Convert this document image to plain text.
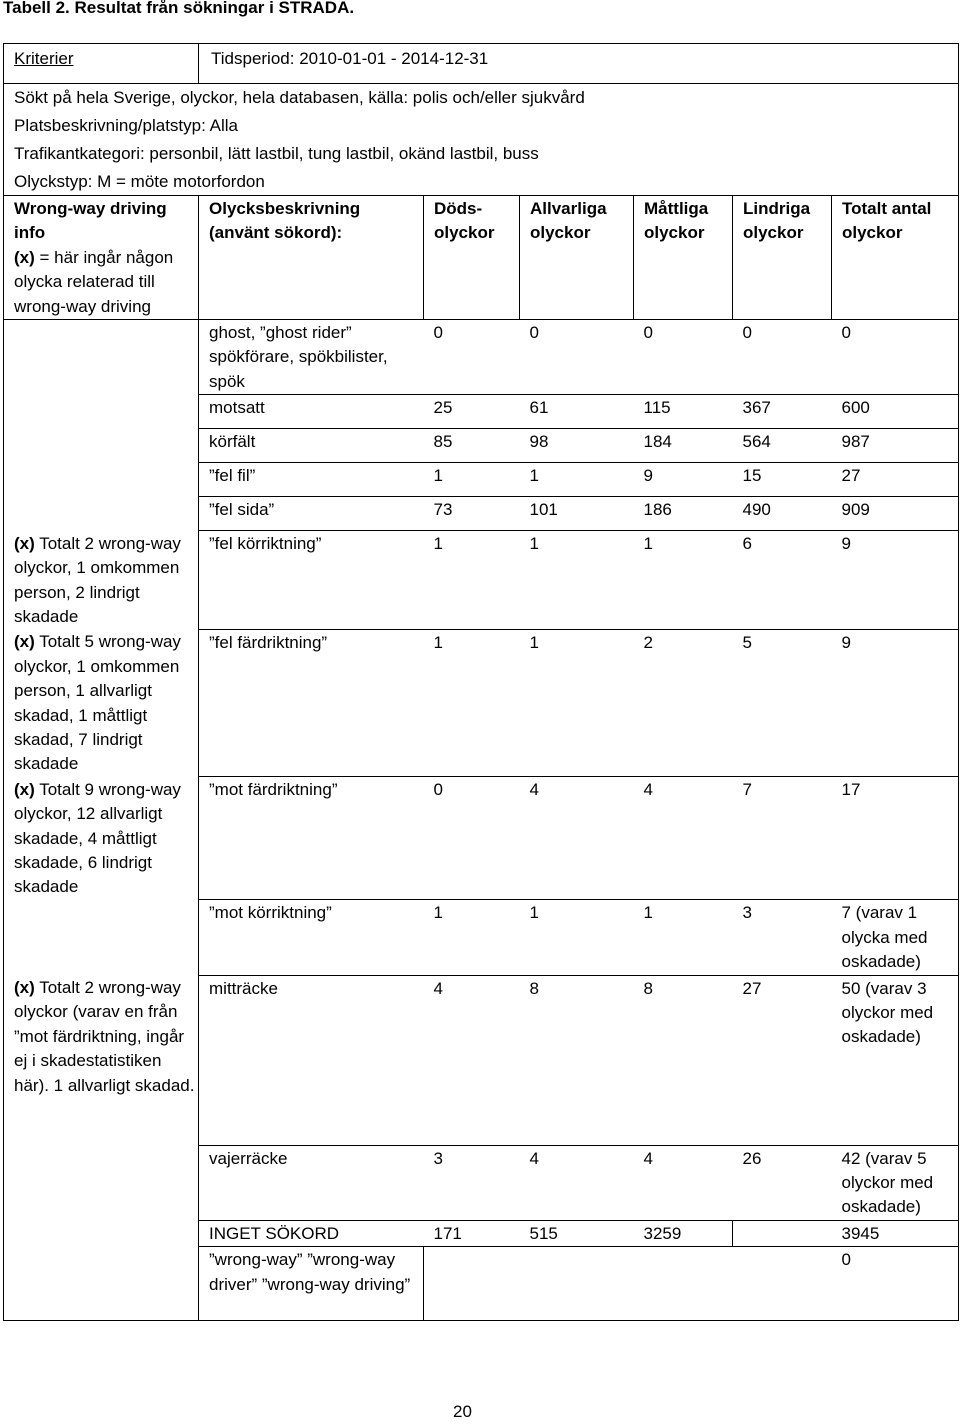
Tabell 2. Resultat från sökningar i STRADA.
Kriterier	Tidsperiod: 2010-01-01 - 2014-12-31					
Sökt på hela Sverige, olyckor, hela databasen, källa: polis och/eller sjukvård						
Platsbeskrivning/platstyp: Alla						
Trafikantkategori: personbil, lätt lastbil, tung lastbil, okänd lastbil, buss						
Olyckstyp: M = möte motorfordon						
Wrong-way driving info
(x) = här ingår någon olycka relaterad till wrong-way driving	Olycksbeskrivning (använt sökord):	Döds-olyckor	Allvarliga olyckor	Måttliga olyckor	Lindriga olyckor	Totalt antal olyckor
	ghost, ”ghost rider” spökförare, spökbilister, spök	0	0	0	0	0
	motsatt	25	61	115	367	600
	körfält	85	98	184	564	987
	”fel fil”	1	1	9	15	27
	”fel sida”	73	101	186	490	909
(x) Totalt 2 wrong-way olyckor, 1 omkommen person, 2 lindrigt skadade	”fel körriktning”	1	1	1	6	9
(x) Totalt 5 wrong-way olyckor, 1 omkommen person, 1 allvarligt skadad, 1 måttligt skadad, 7 lindrigt skadade	”fel färdriktning”	1	1	2	5	9
(x) Totalt 9 wrong-way olyckor, 12 allvarligt skadade, 4 måttligt skadade, 6 lindrigt skadade	”mot färdriktning”	0	4	4	7	17
	”mot körriktning”	1	1	1	3	7 (varav 1 olycka med oskadade)
(x) Totalt 2 wrong-way olyckor (varav en från ”mot färdriktning, ingår ej i skadestatistiken här). 1 allvarligt skadad.	mitträcke	4	8	8	27	50 (varav 3 olyckor med oskadade)
	vajerräcke	3	4	4	26	42 (varav 5 olyckor med oskadade)
	INGET SÖKORD	171	515	3259		3945
	”wrong-way” ”wrong-way driver” ”wrong-way driving”					0
20
